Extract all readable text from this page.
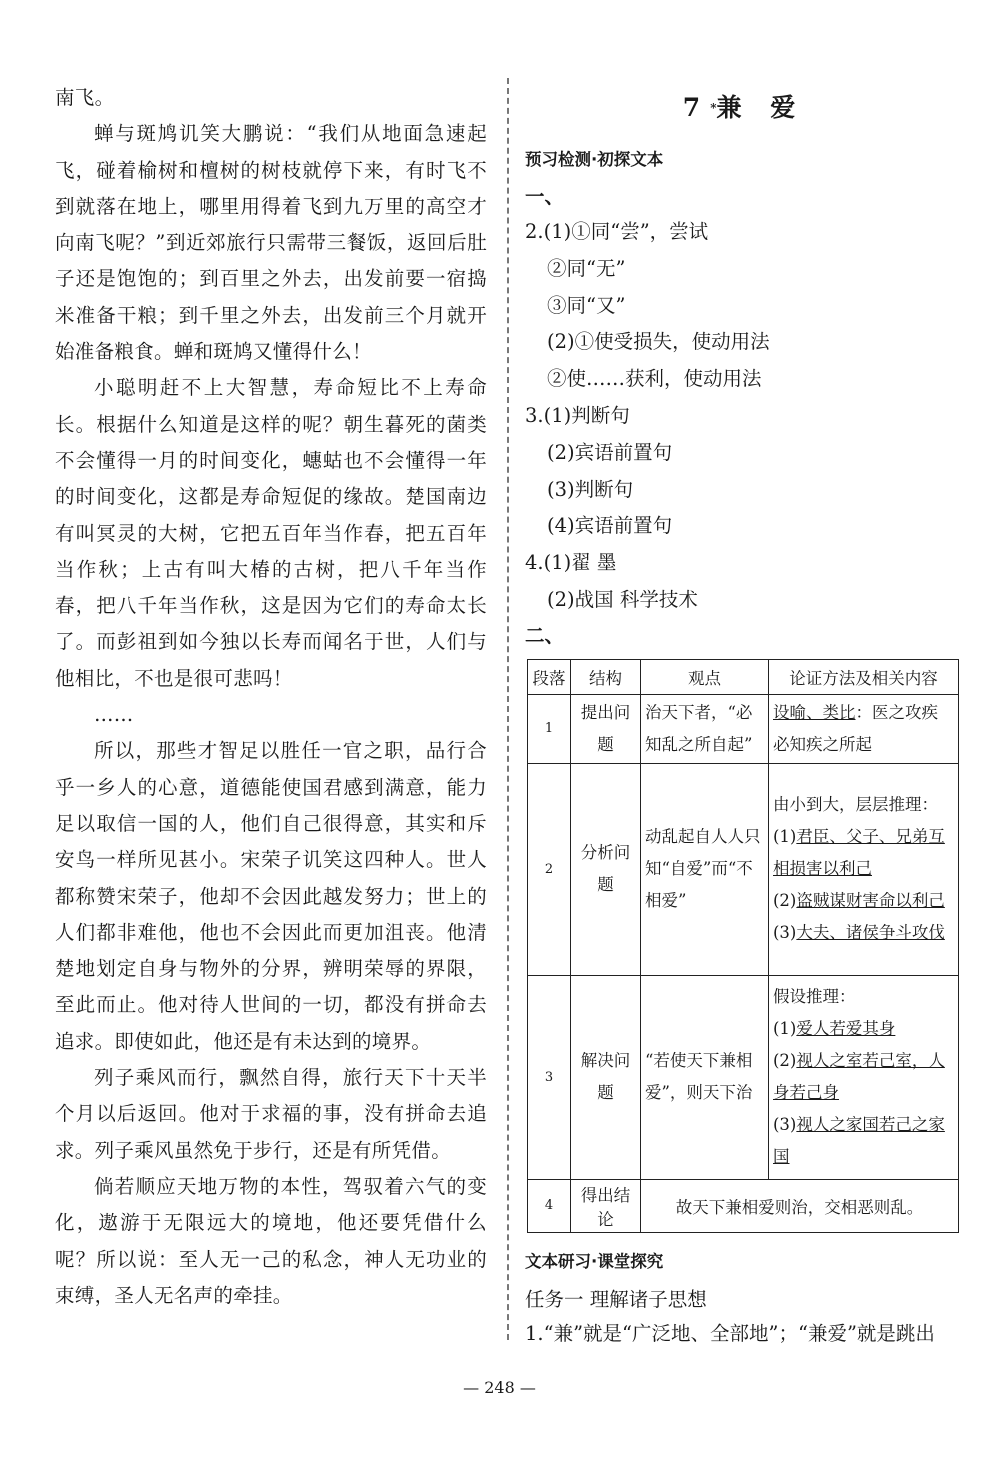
南飞。

蝉与斑鸠讥笑大鹏说：“我们从地面急速起飞，碰着榆树和檀树的树枝就停下来，有时飞不到就落在地上，哪里用得着飞到九万里的高空才向南飞呢？”到近郊旅行只需带三餐饭，返回后肚子还是饱饱的；到百里之外去，出发前要一宿捣米准备干粮；到千里之外去，出发前三个月就开始准备粮食。蝉和斑鸠又懂得什么！

小聪明赶不上大智慧，寿命短比不上寿命长。根据什么知道是这样的呢？朝生暮死的菌类不会懂得一月的时间变化，蟪蛄也不会懂得一年的时间变化，这都是寿命短促的缘故。楚国南边有叫冥灵的大树，它把五百年当作春，把五百年当作秋；上古有叫大椿的古树，把八千年当作春，把八千年当作秋，这是因为它们的寿命太长了。而彭祖到如今独以长寿而闻名于世，人们与他相比，不也是很可悲吗！

……

所以，那些才智足以胜任一官之职，品行合乎一乡人的心意，道德能使国君感到满意，能力足以取信一国的人，他们自己很得意，其实和斥安鸟一样所见甚小。宋荣子讥笑这四种人。世人都称赞宋荣子，他却不会因此越发努力；世上的人们都非难他，他也不会因此而更加沮丧。他清楚地划定自身与物外的分界，辨明荣辱的界限，至此而止。他对待人世间的一切，都没有拼命去追求。即使如此，他还是有未达到的境界。

列子乘风而行，飘然自得，旅行天下十天半个月以后返回。他对于求福的事，没有拼命去追求。列子乘风虽然免于步行，还是有所凭借。

倘若顺应天地万物的本性，驾驭着六气的变化，遨游于无限远大的境地，他还要凭借什么呢？所以说：至人无一己的私念，神人无功业的束缚，圣人无名声的牵挂。

7 *兼 爱
预习检测·初探文本
一、
2.(1)①同“尝”，尝试
②同“无”
③同“又”
(2)①使受损失，使动用法
②使……获利，使动用法
3.(1)判断句
(2)宾语前置句
(3)判断句
(4)宾语前置句
4.(1)翟 墨
(2)战国 科学技术
二、
段落	结构	观点	论证方法及相关内容
1	提出问题	治天下者，“必知乱之所自起”	设喻、类比：医之攻疾必知疾之所起
2	分析问题	动乱起自人人只知“自爱”而“不相爱”	由小到大，层层推理：
(1)君臣、父子、兄弟互相损害以利己
(2)盗贼谋财害命以利己
(3)大夫、诸侯争斗攻伐

3	解决问题	“若使天下兼相爱”，则天下治	假设推理：
(1)爱人若爱其身
(2)视人之室若己室，人身若己身
(3)视人之家国若己之家国

4	得出结论	故天下兼相爱则治，交相恶则乱。	
文本研习·课堂探究
任务一 理解诸子思想
1.“兼”就是“广泛地、全部地”；“兼爱”就是跳出
— 248 —
